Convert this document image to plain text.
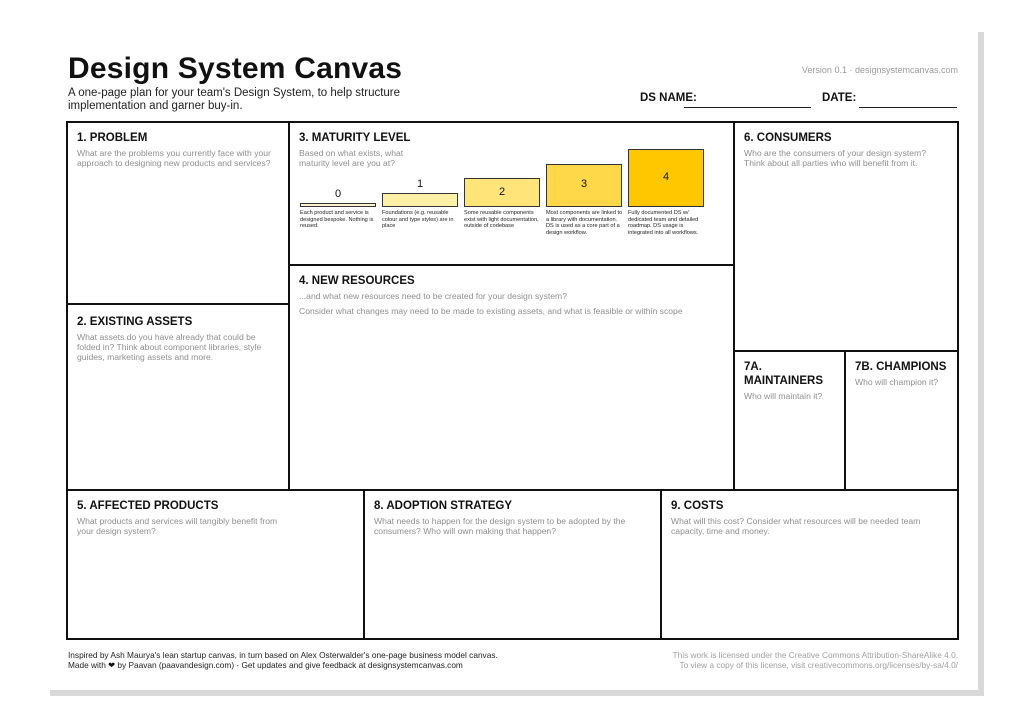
Design System Canvas
A one-page plan for your team's Design System, to help structure implementation and garner buy-in.
Version 0.1 · designsystemcanvas.com
DS NAME:	DATE:
1. PROBLEM
What are the problems you currently face with your approach to designing new products and services?
2. EXISTING ASSETS
What assets do you have already that could be folded in? Think about component libraries, style guides, marketing assets and more.
3. MATURITY LEVEL
Based on what exists, what maturity level are you at?
0
Each product and service is designed bespoke. Nothing is reused.
1
Foundations (e.g. reusable colour and type styles) are in place
2
Some reusable components exist with light documentation, outside of codebase
3
Most components are linked to a library with documentation. DS is used as a core part of a design workflow.
4
Fully documented DS w/ dedicated team and detailed roadmap. DS usage is integrated into all workflows.
4. NEW RESOURCES
...and what new resources need to be created for your design system?
Consider what changes may need to be made to existing assets, and what is feasible or within scope
6. CONSUMERS
Who are the consumers of your design system? Think about all parties who will benefit from it.
7A. MAINTAINERS
Who will maintain it?
7B. CHAMPIONS
Who will champion it?
5. AFFECTED PRODUCTS
What products and services will tangibly benefit from your design system?
8. ADOPTION STRATEGY
What needs to happen for the design system to be adopted by the consumers? Who will own making that happen?
9. COSTS
What will this cost? Consider what resources will be needed team capacity, time and money.
Inspired by Ash Maurya's lean startup canvas, in turn based on Alex Osterwalder's one-page business model canvas.
Made with ❤ by Paavan (paavandesign.com) · Get updates and give feedback at designsystemcanvas.com
This work is licensed under the Creative Commons Attribution-ShareAlike 4.0.
To view a copy of this license, visit creativecommons.org/licenses/by-sa/4.0/
